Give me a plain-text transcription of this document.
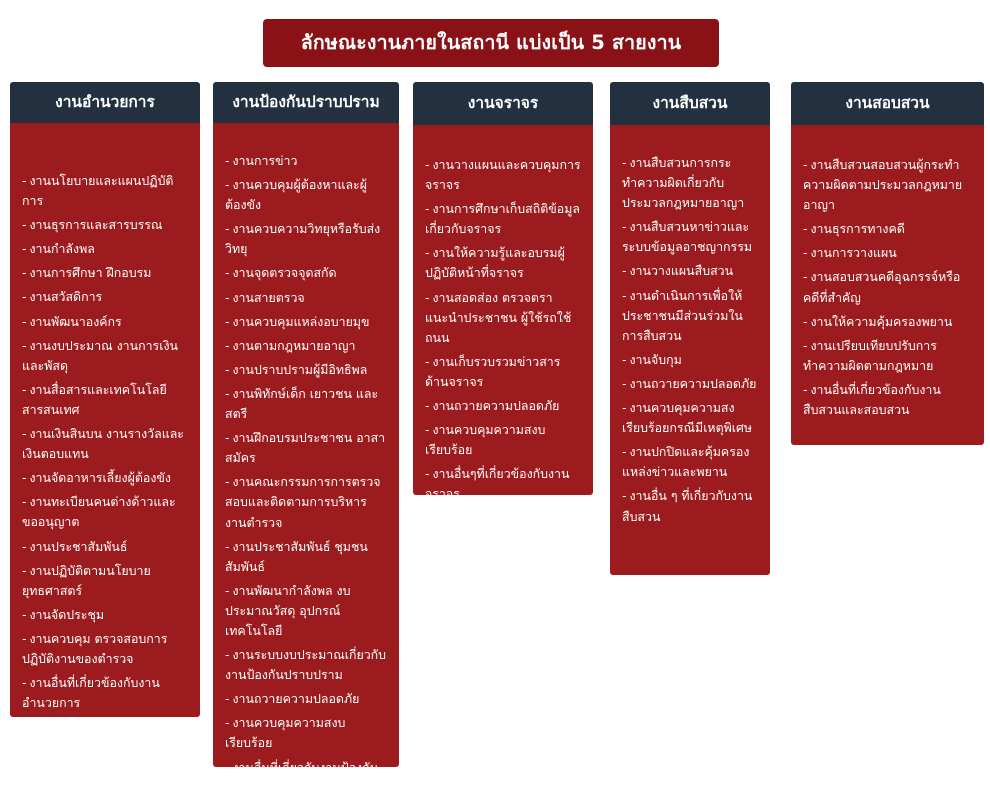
ลักษณะงานภายในสถานี แบ่งเป็น 5 สายงาน
งานอำนวยการ
- งานนโยบายและแผนปฏิบัติการ
- งานธุรการและสารบรรณ
- งานกำลังพล
- งานการศึกษา ฝึกอบรม
- งานสวัสดิการ
- งานพัฒนาองค์กร
- งานงบประมาณ งานการเงินและพัสดุ
- งานสื่อสารและเทคโนโลยีสารสนเทศ
- งานเงินสินบน งานรางวัลและเงินตอบแทน
- งานจัดอาหารเลี้ยงผู้ต้องขัง
- งานทะเบียนคนต่างด้าวและขออนุญาต
- งานประชาสัมพันธ์
- งานปฏิบัติตามนโยบายยุทธศาสตร์
- งานจัดประชุม
- งานควบคุม ตรวจสอบการปฏิบัติงานของตำรวจ
- งานอื่นที่เกี่ยวข้องกับงานอำนวยการ
งานป้องกันปราบปราม
- งานการข่าว
- งานควบคุมผู้ต้องหาและผู้ต้องขัง
- งานควบความวิทยุหรือรับส่งวิทยุ
- งานจุดตรวจจุดสกัด
- งานสายตรวจ
- งานควบคุมแหล่งอบายมุข
- งานตามกฎหมายอาญา
- งานปราบปรามผู้มีอิทธิพล
- งานพิทักษ์เด็ก เยาวชน และสตรี
- งานฝึกอบรมประชาชน อาสาสมัคร
- งานคณะกรรมการการตรวจสอบและติดตามการบริหารงานตำรวจ
- งานประชาสัมพันธ์ ชุมชนสัมพันธ์
- งานพัฒนากำลังพล งบประมาณวัสดุ อุปกรณ์ เทคโนโลยี
- งานระบบงบประมาณเกี่ยวกับงานป้องกันปราบปราม
- งานถวายความปลอดภัย
- งานควบคุมความสงบเรียบร้อย
- งานอื่นที่เกี่ยวกับงานป้องกันปราบปราม
งานจราจร
- งานวางแผนและควบคุมการจราจร
- งานการศึกษาเก็บสถิติข้อมูลเกี่ยวกับจราจร
- งานให้ความรู้และอบรมผู้ปฏิบัติหน้าที่จราจร
- งานสอดส่อง ตรวจตรา แนะนำประชาชน ผู้ใช้รถใช้ถนน
- งานเก็บรวบรวมข่าวสารด้านจราจร
- งานถวายความปลอดภัย
- งานควบคุมความสงบเรียบร้อย
- งานอื่นๆที่เกี่ยวข้องกับงานจราจร
งานสืบสวน
- งานสืบสวนการกระทำความผิดเกี่ยวกับประมวลกฎหมายอาญา
- งานสืบสวนหาข่าวและระบบข้อมูลอาชญากรรม
- งานวางแผนสืบสวน
- งานดำเนินการเพื่อให้ประชาชนมีส่วนร่วมในการสืบสวน
- งานจับกุม
- งานถวายความปลอดภัย
- งานควบคุมความสงเรียบร้อยกรณีมีเหตุพิเศษ
- งานปกปิดและคุ้มครองแหล่งข่าวและพยาน
- งานอื่น ๆ ที่เกี่ยวกับงานสืบสวน
งานสอบสวน
- งานสืบสวนสอบสวนผู้กระทำความผิดตามประมวลกฎหมายอาญา
- งานธุรการทางคดี
- งานการวางแผน
- งานสอบสวนคดีอุฉกรรจ์หรือคดีที่สำคัญ
- งานให้ความคุ้มครองพยาน
- งานเปรียบเทียบปรับการทำความผิดตามกฎหมาย
- งานอื่นที่เกี่ยวข้องกับงานสืบสวนและสอบสวน
